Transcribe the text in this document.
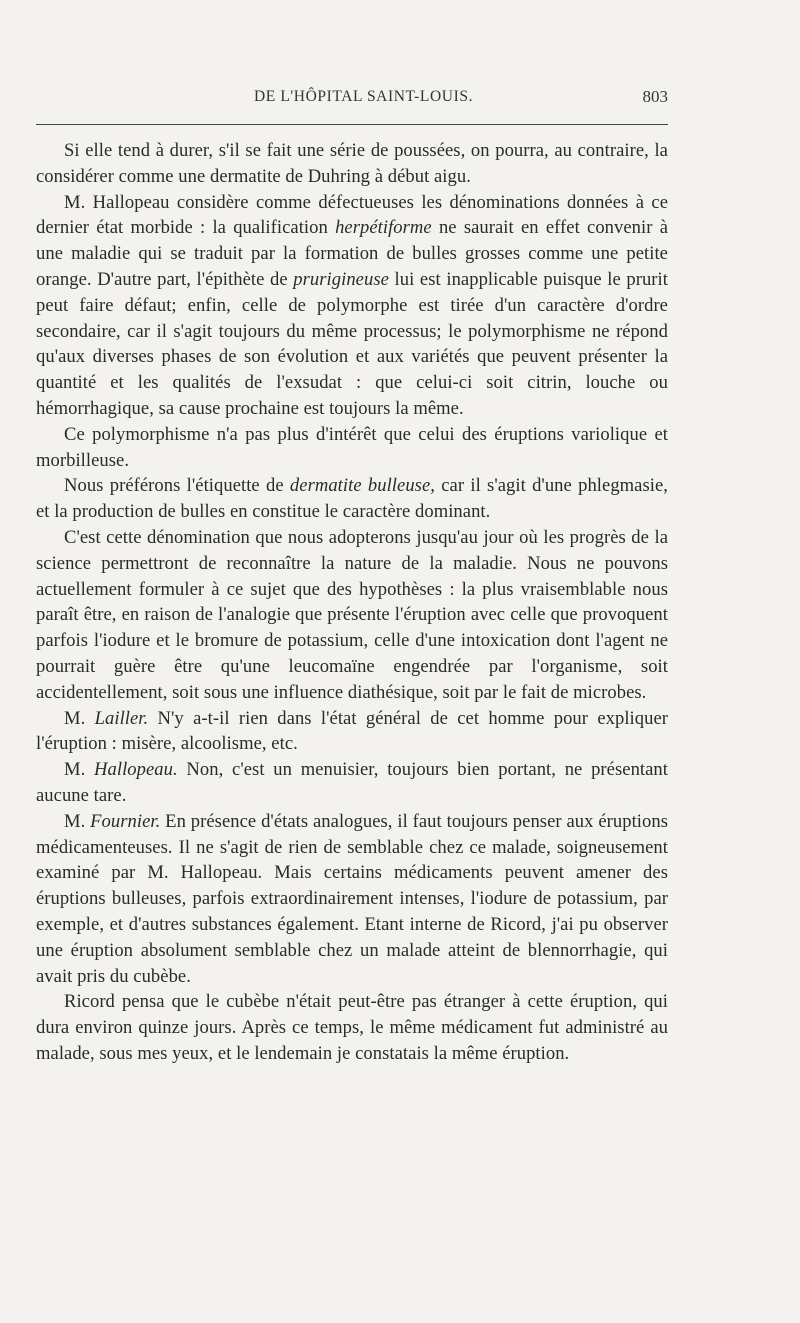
DE L'HÔPITAL SAINT-LOUIS.	803

Si elle tend à durer, s'il se fait une série de poussées, on pourra, au contraire, la considérer comme une dermatite de Duhring à début aigu.

M. Hallopeau considère comme défectueuses les dénominations données à ce dernier état morbide : la qualification herpétiforme ne saurait en effet convenir à une maladie qui se traduit par la formation de bulles grosses comme une petite orange. D'autre part, l'épithète de prurigineuse lui est inapplicable puisque le prurit peut faire défaut; enfin, celle de polymorphe est tirée d'un caractère d'ordre secondaire, car il s'agit toujours du même processus; le polymorphisme ne répond qu'aux diverses phases de son évolution et aux variétés que peuvent présenter la quantité et les qualités de l'exsudat : que celui-ci soit citrin, louche ou hémorrhagique, sa cause prochaine est toujours la même.

Ce polymorphisme n'a pas plus d'intérêt que celui des éruptions variolique et morbilleuse.

Nous préférons l'étiquette de dermatite bulleuse, car il s'agit d'une phlegmasie, et la production de bulles en constitue le caractère dominant.

C'est cette dénomination que nous adopterons jusqu'au jour où les progrès de la science permettront de reconnaître la nature de la maladie. Nous ne pouvons actuellement formuler à ce sujet que des hypothèses : la plus vraisemblable nous paraît être, en raison de l'analogie que présente l'éruption avec celle que provoquent parfois l'iodure et le bromure de potassium, celle d'une intoxication dont l'agent ne pourrait guère être qu'une leucomaïne engendrée par l'organisme, soit accidentellement, soit sous une influence diathésique, soit par le fait de microbes.

M. Lailler. N'y a-t-il rien dans l'état général de cet homme pour expliquer l'éruption : misère, alcoolisme, etc.

M. Hallopeau. Non, c'est un menuisier, toujours bien portant, ne présentant aucune tare.

M. Fournier. En présence d'états analogues, il faut toujours penser aux éruptions médicamenteuses. Il ne s'agit de rien de semblable chez ce malade, soigneusement examiné par M. Hallopeau. Mais certains médicaments peuvent amener des éruptions bulleuses, parfois extraordinairement intenses, l'iodure de potassium, par exemple, et d'autres substances également. Etant interne de Ricord, j'ai pu observer une éruption absolument semblable chez un malade atteint de blennorrhagie, qui avait pris du cubèbe.

Ricord pensa que le cubèbe n'était peut-être pas étranger à cette éruption, qui dura environ quinze jours. Après ce temps, le même médicament fut administré au malade, sous mes yeux, et le lendemain je constatais la même éruption.
